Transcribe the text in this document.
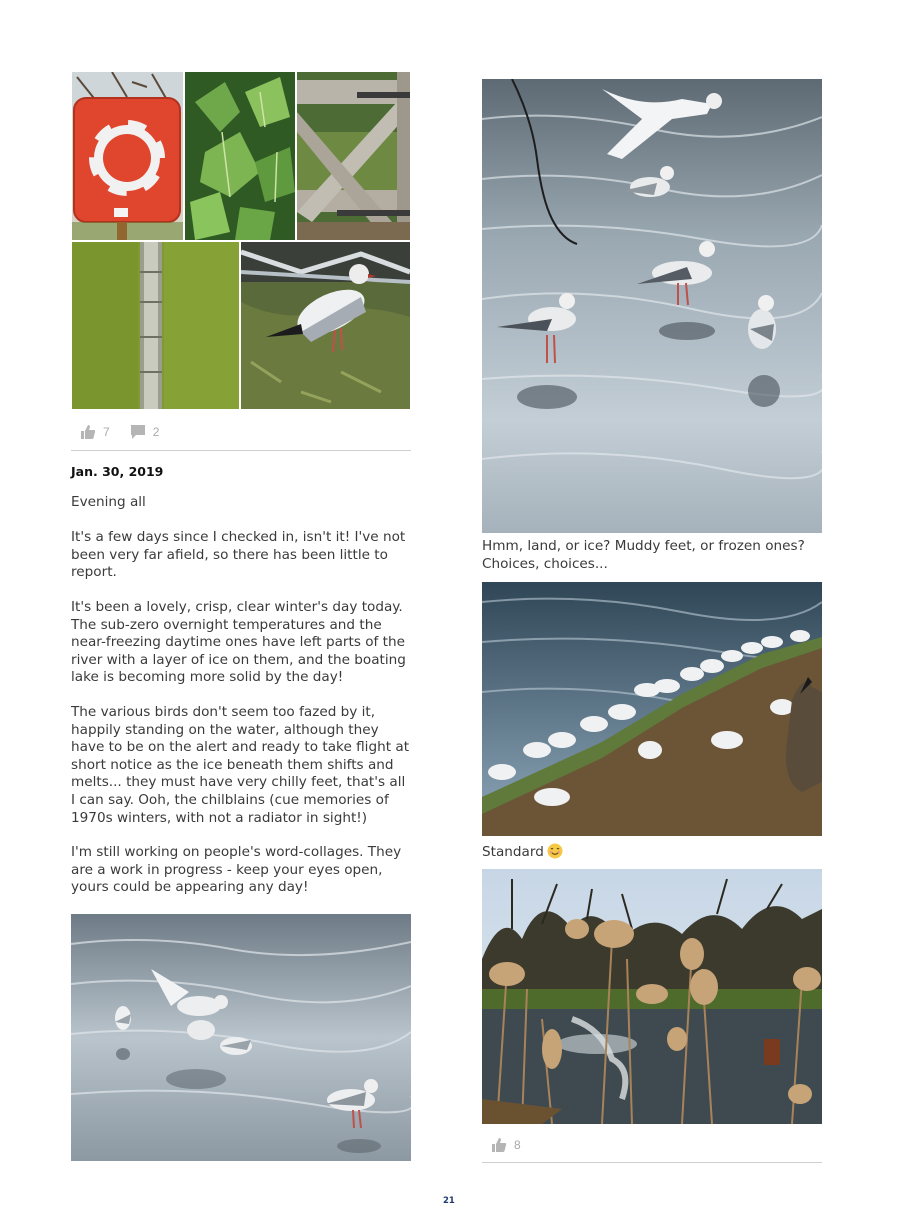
7	2
Jan. 30, 2019
Evening all
It's a few days since I checked in, isn't it! I've not been very far afield, so there has been little to report.
It's been a lovely, crisp, clear winter's day today. The sub-zero overnight temperatures and the near-freezing daytime ones have left parts of the river with a layer of ice on them, and the boating lake is becoming more solid by the day!
The various birds don't seem too fazed by it, happily standing on the water, although they have to be on the alert and ready to take flight at short notice as the ice beneath them shifts and melts... they must have very chilly feet, that's all I can say. Ooh, the chilblains (cue memories of 1970s winters, with not a radiator in sight!)
I'm still working on people's word-collages. They are a work in progress - keep your eyes open, yours could be appearing any day!
Hmm, land, or ice? Muddy feet, or frozen ones? Choices, choices...
Standard
8
21
